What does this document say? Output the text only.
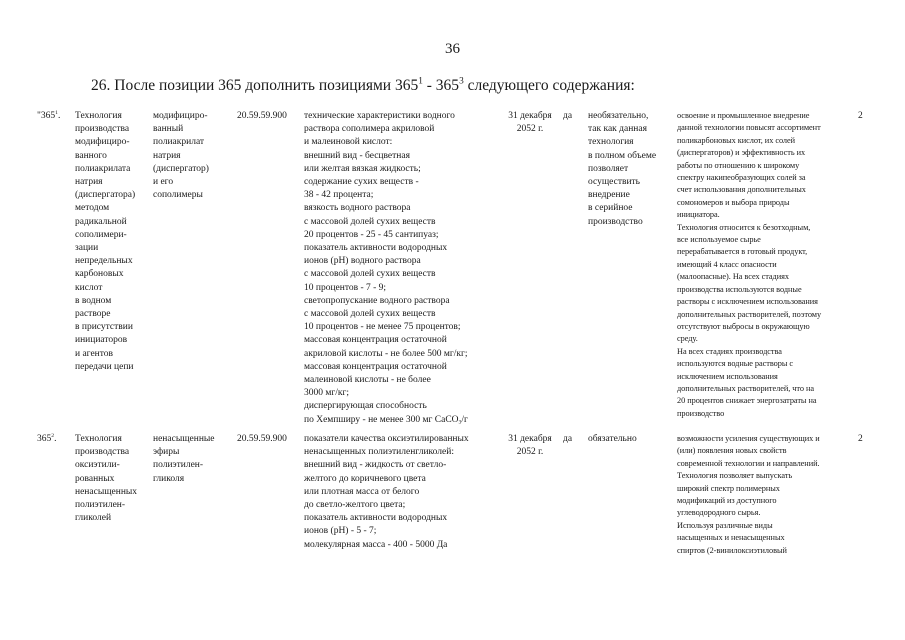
36
26. После позиции 365 дополнить позициями $365^1 - 365^3$ следующего содержания:
"$365^1$. Технология
производства
модифициро-
ванного
полиакрилата
натрия
(диспергатора)
методом
радикальной
сополимери-
зации
непредельных
карбоновых
кислот
в водном
растворе
в присутствии
инициаторов
и агентов
передачи цепи
модифициро-
ванный
полиакрилат
натрия
(диспергатор)
и его
сополимеры
20.59.59.900 технические характеристики водного
раствора сополимера акриловой
и малеиновой кислот:
внешний вид - бесцветная
или желтая вязкая жидкость;
содержание сухих веществ -
38 - 42 процента;
вязкость водного раствора
с массовой долей сухих веществ
20 процентов - 25 - 45 сантипуаз;
показатель активности водородных
ионов (рН) водного раствора
с массовой долей сухих веществ
10 процентов - 7 - 9;
светопропускание водного раствора
с массовой долей сухих веществ
10 процентов - не менее 75 процентов;
массовая концентрация остаточной
акриловой кислоты - не более 500 мг/кг;
массовая концентрация остаточной
малеиновой кислоты - не более
3000 мг/кг;
диспергирующая способность
по Хемпширу - не менее 300 мг СаСО$_3$/г
31 декабря
2052 г.
да необязательно,
так как данная
технология
в полном объеме
позволяет
осуществить
внедрение
в серийное
производство
освоение и промышленное внедрение
данной технологии повысят ассортимент
поликарбоновых кислот, их солей
(диспергаторов) и эффективность их
работы по отношению к широкому
спектру накипеобразующих солей за
счет использования дополнительных
сомономеров и выбора природы
инициатора.
Технология относится к безотходным,
все используемое сырье
перерабатывается в готовый продукт,
имеющий 4 класс опасности
(малоопасные). На всех стадиях
производства используются водные
растворы с исключением использования
дополнительных растворителей, поэтому
отсутствуют выбросы в окружающую
среду.
На всех стадиях производства
используются водные растворы с
исключением использования
дополнительных растворителей, что на
20 процентов снижает энергозатраты на
производство
2
$365^2$. Технология
производства
оксиэтили-
рованных
ненасыщенных
полиэтилен-
гликолей
ненасыщенные
эфиры
полиэтилен-
гликоля
20.59.59.900 показатели качества оксиэтилированных
ненасыщенных полиэтиленгликолей:
внешний вид - жидкость от светло-
желтого до коричневого цвета
или плотная масса от белого
до светло-желтого цвета;
показатель активности водородных
ионов (рН) - 5 - 7;
молекулярная масса - 400 - 5000 Да
31 декабря
2052 г.
да обязательно	возможности усиления существующих и
(или) появления новых свойств
современной технологии и направлений.
Технология позволяет выпускать
широкий спектр полимерных
модификаций из доступного
углеводородного сырья.
Используя различные виды
насыщенных и ненасыщенных
спиртов (2-винилоксиэтиловый
2
